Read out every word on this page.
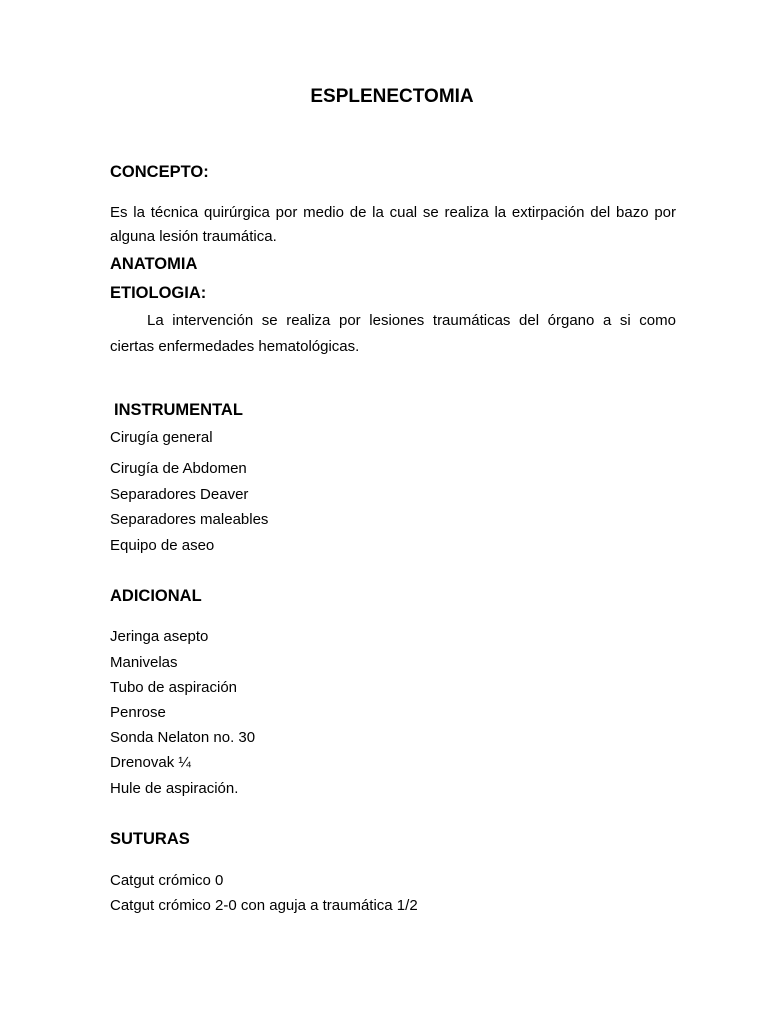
ESPLENECTOMIA
CONCEPTO:
Es la técnica quirúrgica por medio de la cual se realiza la extirpación del bazo por
alguna lesión traumática.
ANATOMIA
ETIOLOGIA:
La intervención se realiza por lesiones traumáticas del órgano a si como
ciertas enfermedades hematológicas.
INSTRUMENTAL
Cirugía general
Cirugía de Abdomen
Separadores Deaver
Separadores maleables
Equipo de aseo
ADICIONAL
Jeringa asepto
Manivelas
Tubo de aspiración
Penrose
Sonda Nelaton no. 30
Drenovak ¼
Hule de aspiración.
SUTURAS
Catgut crómico 0
Catgut crómico 2-0 con aguja a traumática 1/2
